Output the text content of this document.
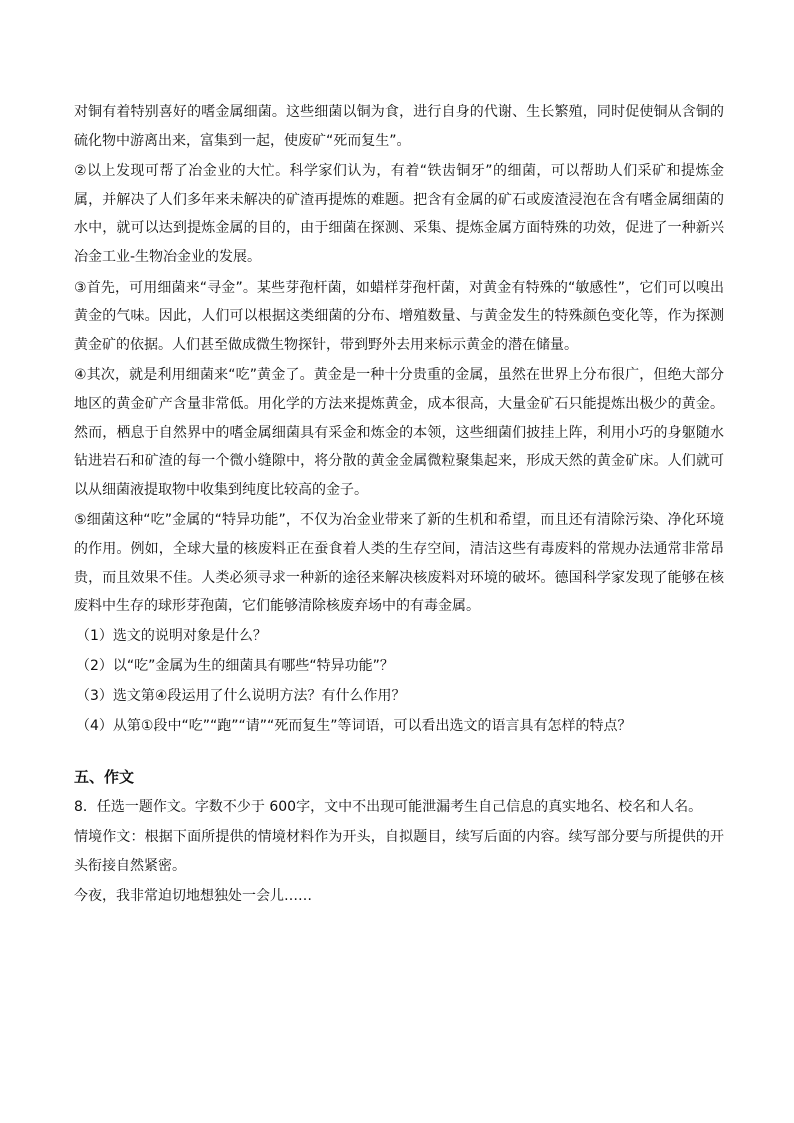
对铜有着特别喜好的嗜金属细菌。这些细菌以铜为食，进行自身的代谢、生长繁殖，同时促使铜从含铜的硫化物中游离出来，富集到一起，使废矿“死而复生”。

②以上发现可帮了冶金业的大忙。科学家们认为，有着“铁齿铜牙”的细菌，可以帮助人们采矿和提炼金属，并解决了人们多年来未解决的矿渣再提炼的难题。把含有金属的矿石或废渣浸泡在含有嗜金属细菌的水中，就可以达到提炼金属的目的，由于细菌在探测、采集、提炼金属方面特殊的功效，促进了一种新兴冶金工业-生物冶金业的发展。

③首先，可用细菌来“寻金”。某些芽孢杆菌，如蜡样芽孢杆菌，对黄金有特殊的“敏感性”，它们可以嗅出黄金的气味。因此，人们可以根据这类细菌的分布、增殖数量、与黄金发生的特殊颜色变化等，作为探测黄金矿的依据。人们甚至做成微生物探针，带到野外去用来标示黄金的潜在储量。

④其次，就是利用细菌来“吃”黄金了。黄金是一种十分贵重的金属，虽然在世界上分布很广，但绝大部分地区的黄金矿产含量非常低。用化学的方法来提炼黄金，成本很高，大量金矿石只能提炼出极少的黄金。然而，栖息于自然界中的嗜金属细菌具有采金和炼金的本领，这些细菌们披挂上阵，利用小巧的身躯随水钻进岩石和矿渣的每一个微小缝隙中，将分散的黄金金属微粒聚集起来，形成天然的黄金矿床。人们就可以从细菌液提取物中收集到纯度比较高的金子。

⑤细菌这种“吃”金属的“特异功能”，不仅为冶金业带来了新的生机和希望，而且还有清除污染、净化环境的作用。例如，全球大量的核废料正在蚕食着人类的生存空间，清洁这些有毒废料的常规办法通常非常昂贵，而且效果不佳。人类必须寻求一种新的途径来解决核废料对环境的破坏。德国科学家发现了能够在核废料中生存的球形芽孢菌，它们能够清除核废弃场中的有毒金属。

（1）选文的说明对象是什么？

（2）以“吃”金属为生的细菌具有哪些“特异功能”？

（3）选文第④段运用了什么说明方法？有什么作用？

（4）从第①段中“吃”“跑”“请”“死而复生”等词语，可以看出选文的语言具有怎样的特点？

五、作文

8．任选一题作文。字数不少于 600字，文中不出现可能泄漏考生自己信息的真实地名、校名和人名。

情境作文：根据下面所提供的情境材料作为开头，自拟题目，续写后面的内容。续写部分要与所提供的开头衔接自然紧密。

今夜，我非常迫切地想独处一会儿……
